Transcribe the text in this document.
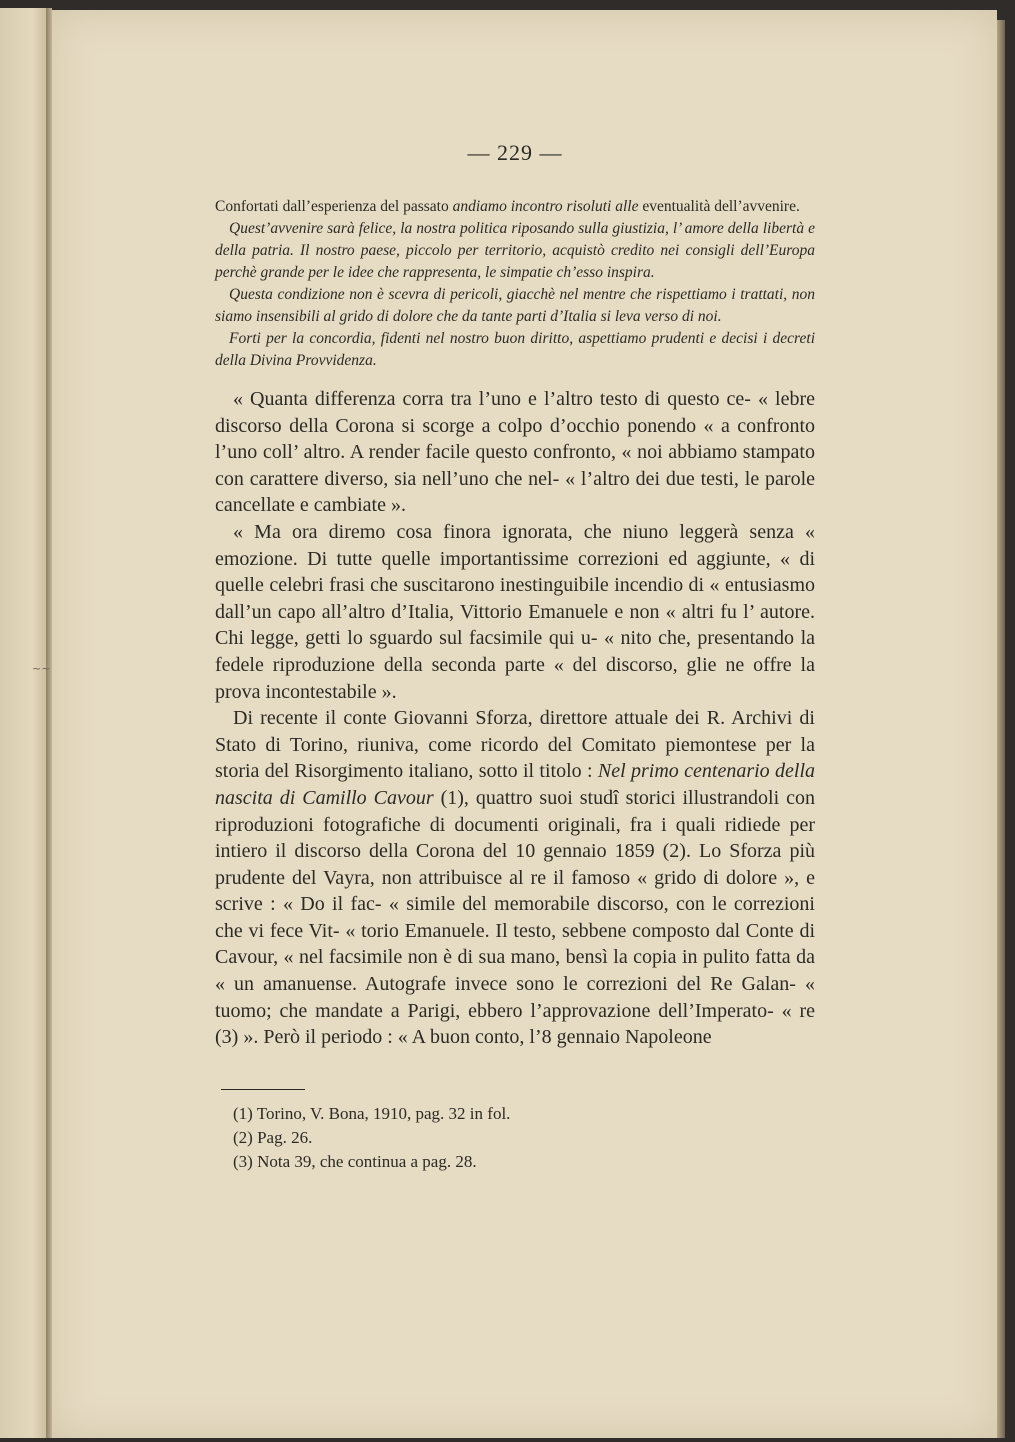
~~
— 229 —

Confortati dall’esperienza del passato andiamo incontro risoluti alle eventualità dell’avvenire.

Quest’avvenire sarà felice, la nostra politica riposando sulla giustizia, l’ amore della libertà e della patria. Il nostro paese, piccolo per territorio, acquistò credito nei consigli dell’Europa perchè grande per le idee che rappresenta, le simpatie ch’esso inspira.

Questa condizione non è scevra di pericoli, giacchè nel mentre che rispettiamo i trattati, non siamo insensibili al grido di dolore che da tante parti d’Italia si leva verso di noi.

Forti per la concordia, fidenti nel nostro buon diritto, aspettiamo prudenti e decisi i decreti della Divina Provvidenza.

« Quanta differenza corra tra l’uno e l’altro testo di questo ce- « lebre discorso della Corona si scorge a colpo d’occhio ponendo « a confronto l’uno coll’ altro. A render facile questo confronto, « noi abbiamo stampato con carattere diverso, sia nell’uno che nel- « l’altro dei due testi, le parole cancellate e cambiate ».

« Ma ora diremo cosa finora ignorata, che niuno leggerà senza « emozione. Di tutte quelle importantissime correzioni ed aggiunte, « di quelle celebri frasi che suscitarono inestinguibile incendio di « entusiasmo dall’un capo all’altro d’Italia, Vittorio Emanuele e non « altri fu l’ autore. Chi legge, getti lo sguardo sul facsimile qui u- « nito che, presentando la fedele riproduzione della seconda parte « del discorso, glie ne offre la prova incontestabile ».

Di recente il conte Giovanni Sforza, direttore attuale dei R. Archivi di Stato di Torino, riuniva, come ricordo del Comitato piemontese per la storia del Risorgimento italiano, sotto il titolo : Nel primo centenario della nascita di Camillo Cavour (1), quattro suoi studî storici illustrandoli con riproduzioni fotografiche di documenti originali, fra i quali ridiede per intiero il discorso della Corona del 10 gennaio 1859 (2). Lo Sforza più prudente del Vayra, non attribuisce al re il famoso « grido di dolore », e scrive : « Do il fac- « simile del memorabile discorso, con le correzioni che vi fece Vit- « torio Emanuele. Il testo, sebbene composto dal Conte di Cavour, « nel facsimile non è di sua mano, bensì la copia in pulito fatta da « un amanuense. Autografe invece sono le correzioni del Re Galan- « tuomo; che mandate a Parigi, ebbero l’approvazione dell’Imperato- « re (3) ». Però il periodo : « A buon conto, l’8 gennaio Napoleone

(1) Torino, V. Bona, 1910, pag. 32 in fol.

(2) Pag. 26.

(3) Nota 39, che continua a pag. 28.
